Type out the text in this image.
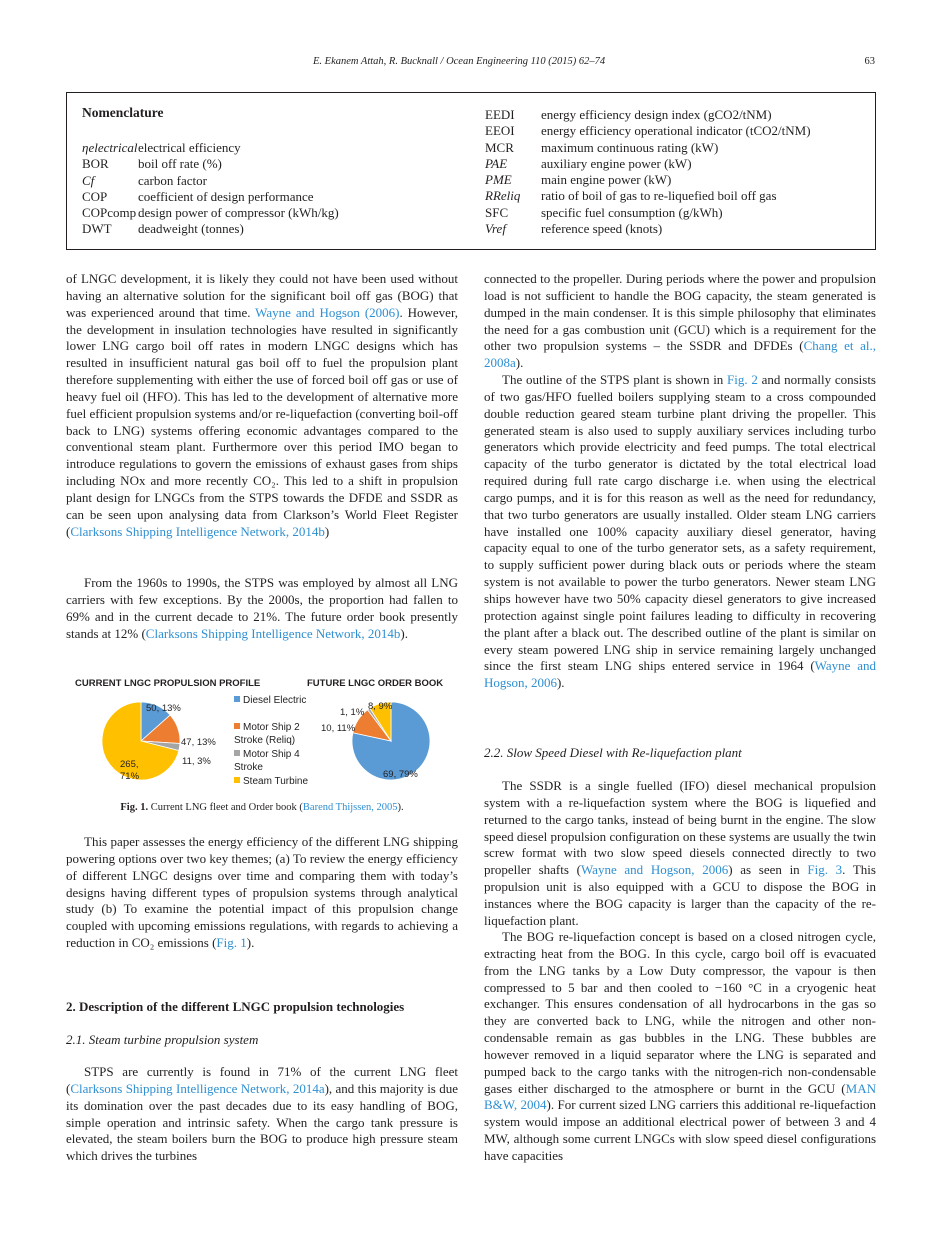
E. Ekanem Attah, R. Bucknall / Ocean Engineering 110 (2015) 62–74	63
Nomenclature
ηelectrical electrical efficiency
BOR	boil off rate (%)
Cf	carbon factor
COP	coefficient of design performance
COPcomp design power of compressor (kWh/kg)
DWT	deadweight (tonnes)
EEDI	energy efficiency design index (gCO2/tNM)
EEOI	energy efficiency operational indicator (tCO2/tNM)
MCR	maximum continuous rating (kW)
PAE	auxiliary engine power (kW)
PME	main engine power (kW)
RReliq	ratio of boil of gas to re-liquefied boil off gas
SFC	specific fuel consumption (g/kWh)
Vref	reference speed (knots)
of LNGC development, it is likely they could not have been used without having an alternative solution for the significant boil off gas (BOG) that was experienced around that time. Wayne and Hogson (2006). However, the development in insulation technologies have resulted in significantly lower LNG cargo boil off rates in modern LNGC designs which has resulted in insufficient natural gas boil off to fuel the propulsion plant therefore supplementing with either the use of forced boil off gas or use of heavy fuel oil (HFO). This has led to the development of alternative more fuel efficient propulsion systems and/or re-liquefaction (converting boil-off back to LNG) systems offering economic advantages compared to the conventional steam plant. Furthermore over this period IMO began to introduce regulations to govern the emissions of exhaust gases from ships including NOx and more recently CO₂. This led to a shift in propulsion plant design for LNGCs from the STPS towards the DFDE and SSDR as can be seen upon analysing data from Clarkson’s World Fleet Register (Clarksons Shipping Intelligence Network, 2014b)
From the 1960s to 1990s, the STPS was employed by almost all LNG carriers with few exceptions. By the 2000s, the proportion had fallen to 69% and in the current decade to 21%. The future order book presently stands at 12% (Clarksons Shipping Intelligence Network, 2014b).
CURRENT LNGC PROPULSION PROFILE	FUTURE LNGC ORDER BOOK
50, 13%
47, 13%
11, 3%
265, 71%	69, 79%
10, 11%
1, 1%
8, 9%
Diesel Electric
Motor Ship 2 Stroke (Reliq)
Motor Ship 4 Stroke
Steam Turbine
Fig. 1. Current LNG fleet and Order book (Barend Thijssen, 2005).
This paper assesses the energy efficiency of the different LNG shipping powering options over two key themes; (a) To review the energy efficiency of different LNGC designs over time and comparing them with today’s designs having different types of propulsion systems through analytical study (b) To examine the potential impact of this propulsion change coupled with upcoming emissions regulations, with regards to achieving a reduction in CO₂ emissions (Fig. 1).
2. Description of the different LNGC propulsion technologies
2.1. Steam turbine propulsion system
STPS are currently is found in 71% of the current LNG fleet (Clarksons Shipping Intelligence Network, 2014a), and this majority is due its domination over the past decades due to its easy handling of BOG, simple operation and intrinsic safety. When the cargo tank pressure is elevated, the steam boilers burn the BOG to produce high pressure steam which drives the turbines
connected to the propeller. During periods where the power and propulsion load is not sufficient to handle the BOG capacity, the steam generated is dumped in the main condenser. It is this simple philosophy that eliminates the need for a gas combustion unit (GCU) which is a requirement for the other two propulsion systems – the SSDR and DFDEs (Chang et al., 2008a).
The outline of the STPS plant is shown in Fig. 2 and normally consists of two gas/HFO fuelled boilers supplying steam to a cross compounded double reduction geared steam turbine plant driving the propeller. This generated steam is also used to supply auxiliary services including turbo generators which provide electricity and feed pumps. The total electrical capacity of the turbo generator is dictated by the total electrical load required during full rate cargo discharge i.e. when using the electrical cargo pumps, and it is for this reason as well as the need for redundancy, that two turbo generators are usually installed. Older steam LNG carriers have installed one 100% capacity auxiliary diesel generator, having capacity equal to one of the turbo generator sets, as a safety requirement, to supply sufficient power during black outs or periods where the steam system is not available to power the turbo generators. Newer steam LNG ships however have two 50% capacity diesel generators to give increased protection against single point failures leading to difficulty in recovering the plant after a black out. The described outline of the plant is similar on every steam powered LNG ship in service remaining largely unchanged since the first steam LNG ships entered service in 1964 (Wayne and Hogson, 2006).
2.2. Slow Speed Diesel with Re-liquefaction plant
The SSDR is a single fuelled (IFO) diesel mechanical propulsion system with a re-liquefaction system where the BOG is liquefied and returned to the cargo tanks, instead of being burnt in the engine. The slow speed diesel propulsion configuration on these systems are usually the twin screw format with two slow speed diesels connected directly to two propeller shafts (Wayne and Hogson, 2006) as seen in Fig. 3. This propulsion unit is also equipped with a GCU to dispose the BOG in instances where the BOG capacity is larger than the capacity of the re-liquefaction plant.
The BOG re-liquefaction concept is based on a closed nitrogen cycle, extracting heat from the BOG. In this cycle, cargo boil off is evacuated from the LNG tanks by a Low Duty compressor, the vapour is then compressed to 5 bar and then cooled to −160 °C in a cryogenic heat exchanger. This ensures condensation of all hydrocarbons in the gas so they are converted back to LNG, while the nitrogen and other non-condensable remain as gas bubbles in the LNG. These bubbles are however removed in a liquid separator where the LNG is separated and pumped back to the cargo tanks with the nitrogen-rich non-condensable gases either discharged to the atmosphere or burnt in the GCU (MAN B&W, 2004). For current sized LNG carriers this additional re-liquefaction system would impose an additional electrical power of between 3 and 4 MW, although some current LNGCs with slow speed diesel configurations have capacities
